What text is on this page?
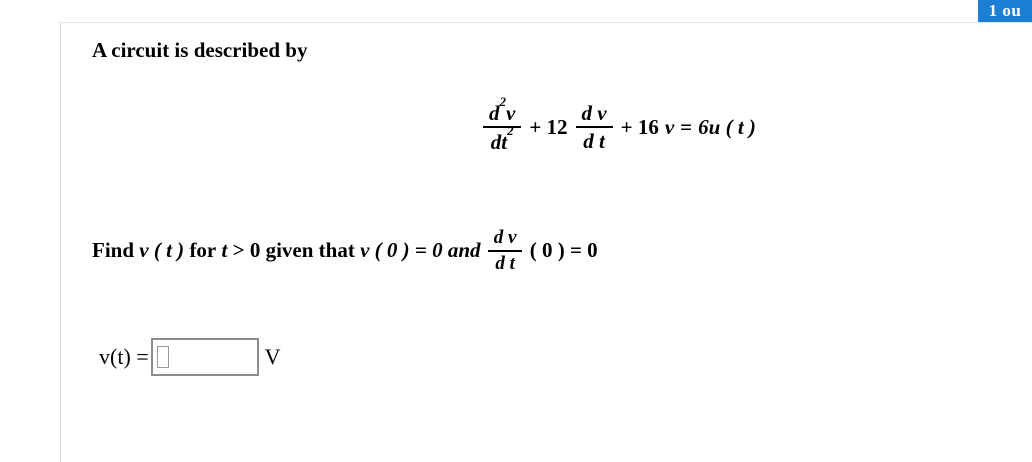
1 ou
A circuit is described by
$\frac{d^2v}{dt^2} + 12 \frac{\text{d v}}{\text{d t}} + 16$ v = 6u ( t )
Find
v ( t )
for
t
> 0 given that
v ( 0 ) = 0 and
$\frac{\text{d v}}{\text{d t}}$
( 0 ) = 0
v(t) =	V
